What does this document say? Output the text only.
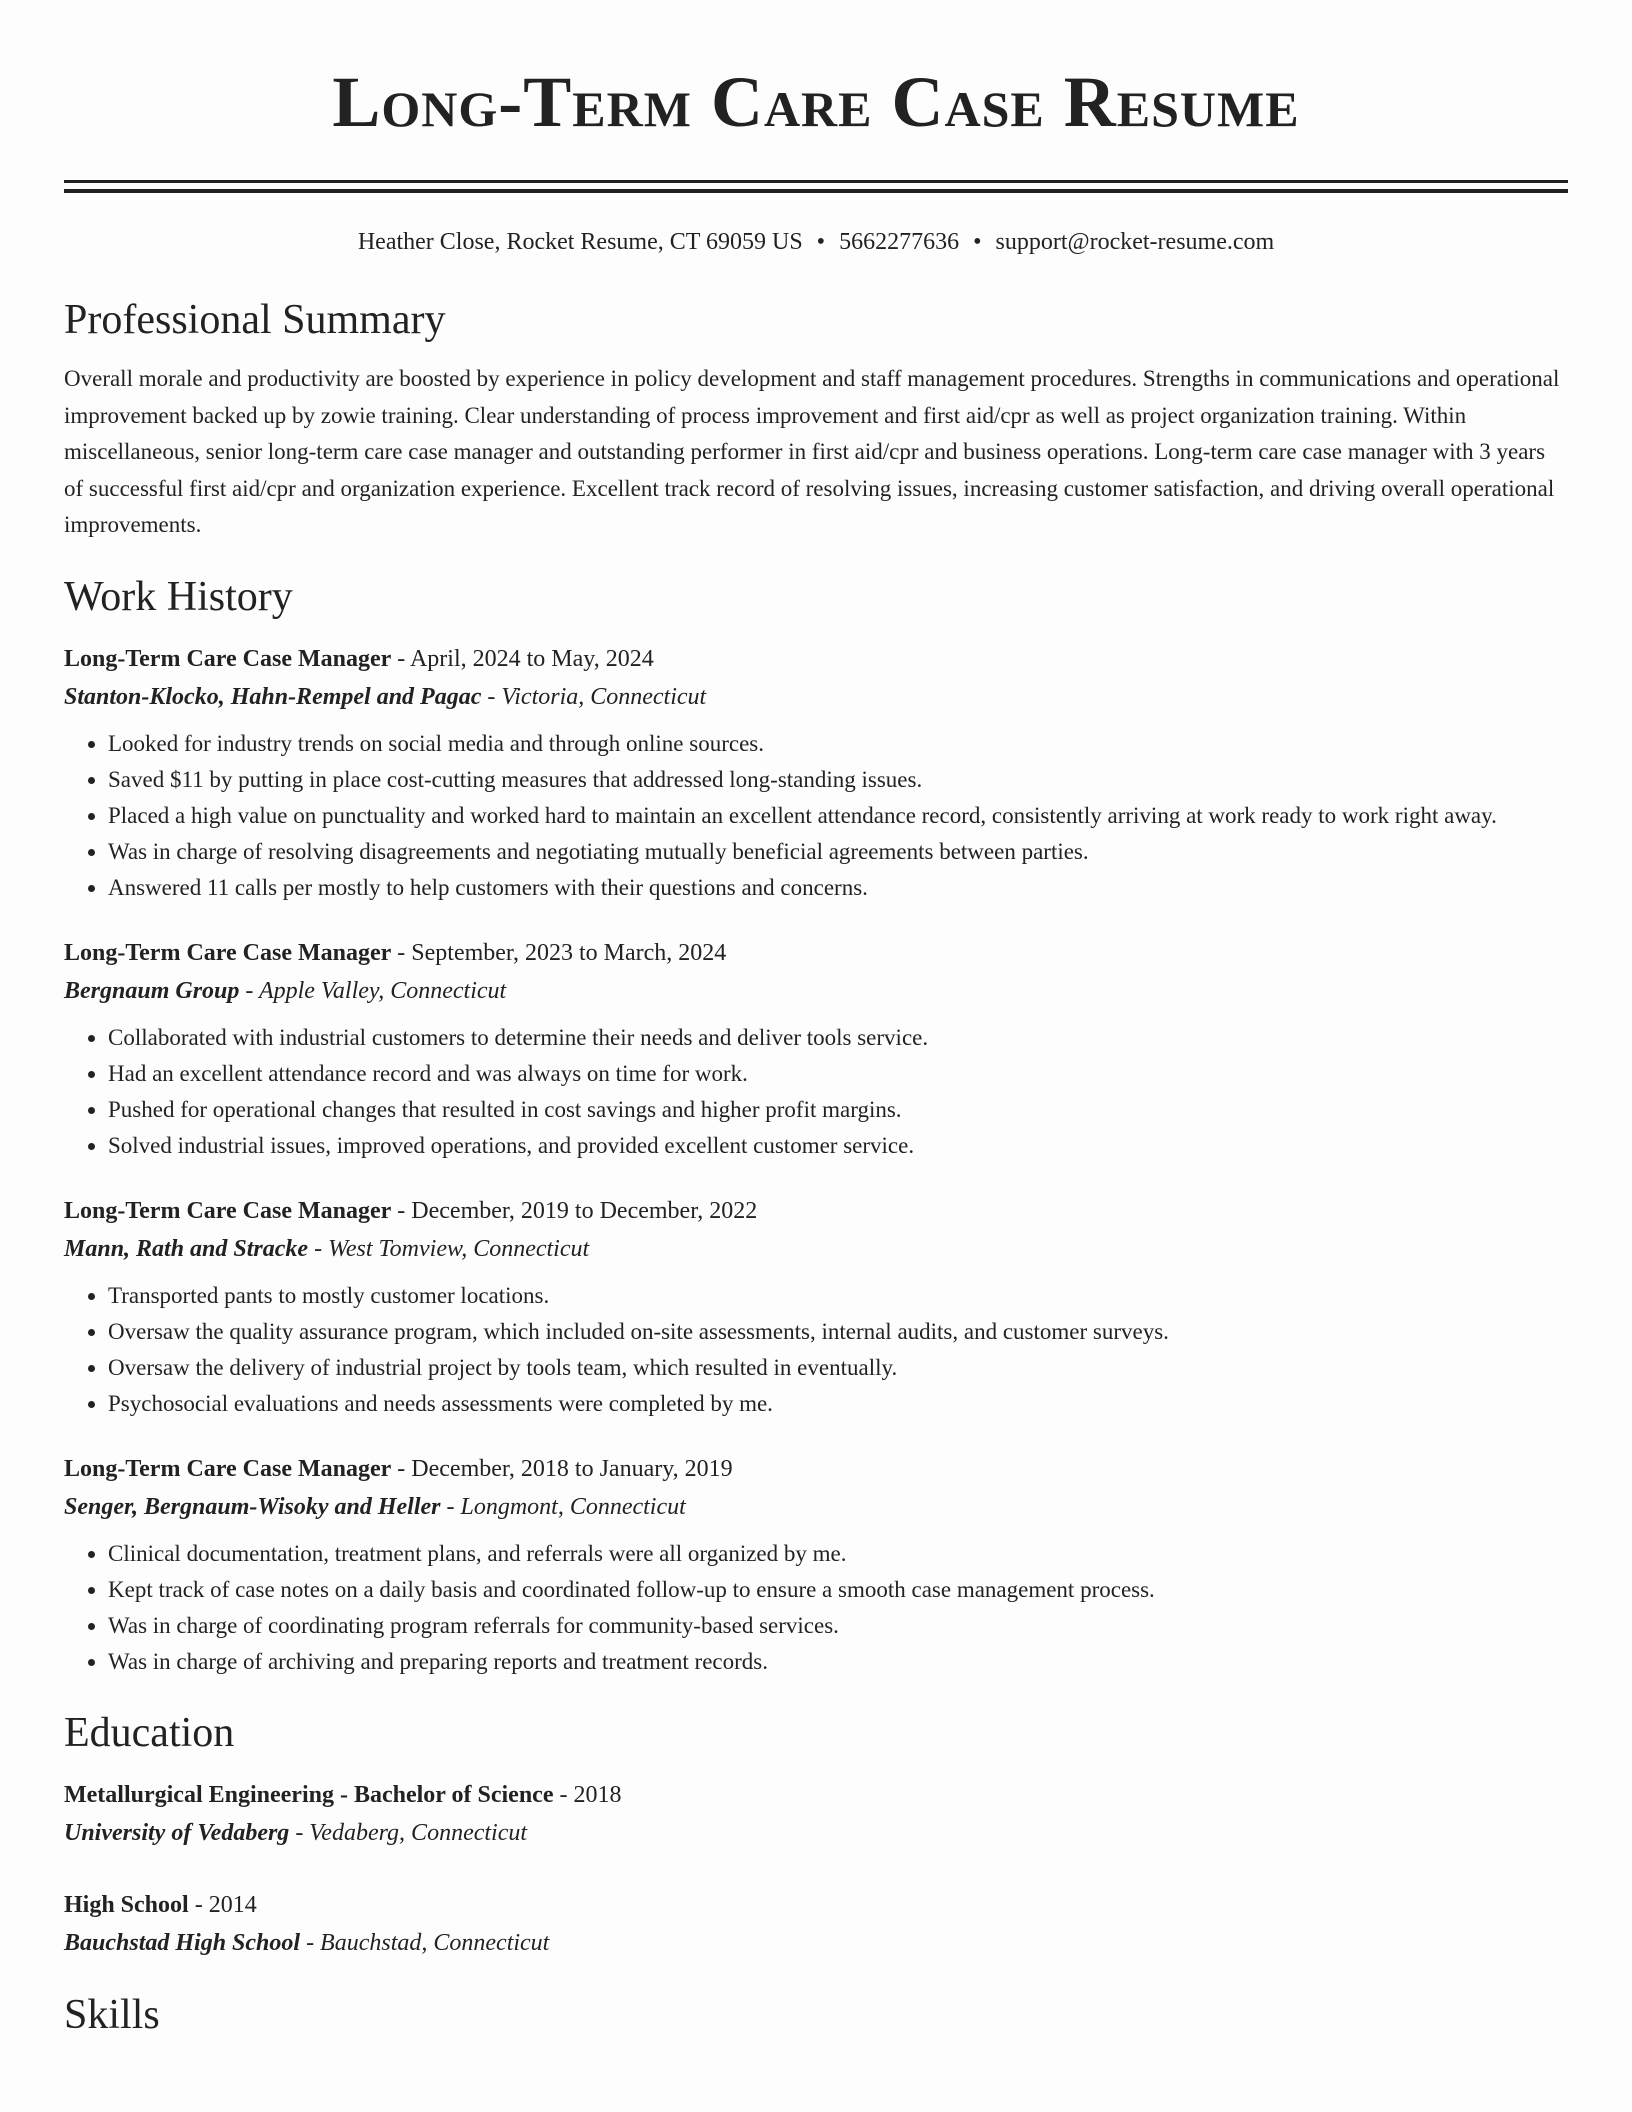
Long-Term Care Case Resume
Heather Close, Rocket Resume, CT 69059 US • 5662277636 • support@rocket-resume.com
Professional Summary
Overall morale and productivity are boosted by experience in policy development and staff management procedures. Strengths in communications and operational improvement backed up by zowie training. Clear understanding of process improvement and first aid/cpr as well as project organization training. Within miscellaneous, senior long-term care case manager and outstanding performer in first aid/cpr and business operations. Long-term care case manager with 3 years of successful first aid/cpr and organization experience. Excellent track record of resolving issues, increasing customer satisfaction, and driving overall operational improvements.
Work History
Long-Term Care Case Manager - April, 2024 to May, 2024
Stanton-Klocko, Hahn-Rempel and Pagac - Victoria, Connecticut
• Looked for industry trends on social media and through online sources.
• Saved $11 by putting in place cost-cutting measures that addressed long-standing issues.
• Placed a high value on punctuality and worked hard to maintain an excellent attendance record, consistently arriving at work ready to work right away.
• Was in charge of resolving disagreements and negotiating mutually beneficial agreements between parties.
• Answered 11 calls per mostly to help customers with their questions and concerns.
Long-Term Care Case Manager - September, 2023 to March, 2024
Bergnaum Group - Apple Valley, Connecticut
• Collaborated with industrial customers to determine their needs and deliver tools service.
• Had an excellent attendance record and was always on time for work.
• Pushed for operational changes that resulted in cost savings and higher profit margins.
• Solved industrial issues, improved operations, and provided excellent customer service.
Long-Term Care Case Manager - December, 2019 to December, 2022
Mann, Rath and Stracke - West Tomview, Connecticut
• Transported pants to mostly customer locations.
• Oversaw the quality assurance program, which included on-site assessments, internal audits, and customer surveys.
• Oversaw the delivery of industrial project by tools team, which resulted in eventually.
• Psychosocial evaluations and needs assessments were completed by me.
Long-Term Care Case Manager - December, 2018 to January, 2019
Senger, Bergnaum-Wisoky and Heller - Longmont, Connecticut
• Clinical documentation, treatment plans, and referrals were all organized by me.
• Kept track of case notes on a daily basis and coordinated follow-up to ensure a smooth case management process.
• Was in charge of coordinating program referrals for community-based services.
• Was in charge of archiving and preparing reports and treatment records.
Education
Metallurgical Engineering - Bachelor of Science - 2018
University of Vedaberg - Vedaberg, Connecticut
High School - 2014
Bauchstad High School - Bauchstad, Connecticut
Skills
